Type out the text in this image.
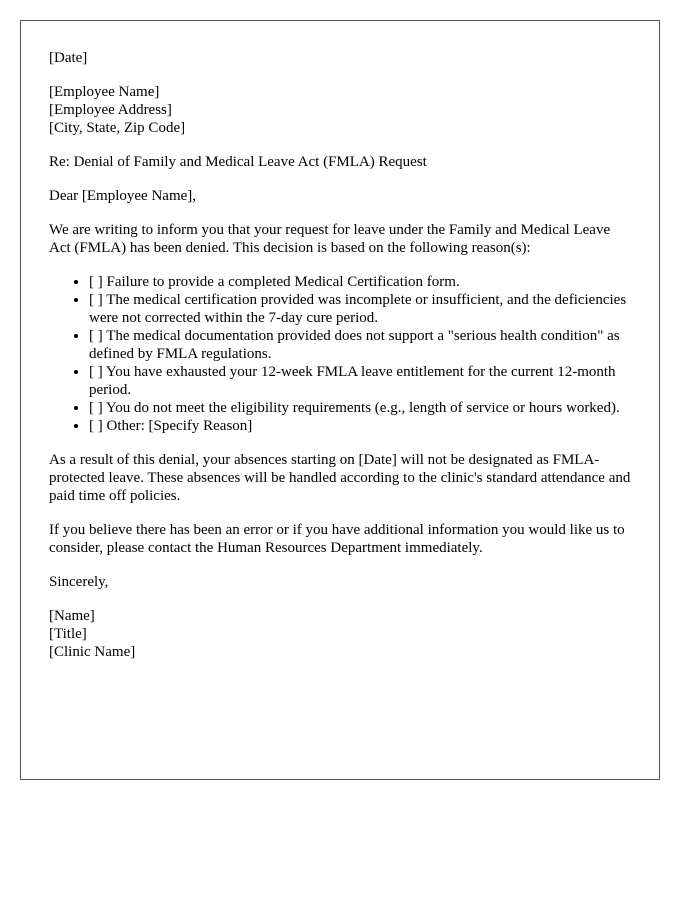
[Date]

[Employee Name]
[Employee Address]
[City, State, Zip Code]

Re: Denial of Family and Medical Leave Act (FMLA) Request

Dear [Employee Name],

We are writing to inform you that your request for leave under the Family and Medical Leave Act (FMLA) has been denied. This decision is based on the following reason(s):

• [ ] Failure to provide a completed Medical Certification form.
• [ ] The medical certification provided was incomplete or insufficient, and the deficiencies were not corrected within the 7-day cure period.
• [ ] The medical documentation provided does not support a "serious health condition" as defined by FMLA regulations.
• [ ] You have exhausted your 12-week FMLA leave entitlement for the current 12-month period.
• [ ] You do not meet the eligibility requirements (e.g., length of service or hours worked).
• [ ] Other: [Specify Reason]

As a result of this denial, your absences starting on [Date] will not be designated as FMLA-protected leave. These absences will be handled according to the clinic's standard attendance and paid time off policies.

If you believe there has been an error or if you have additional information you would like us to consider, please contact the Human Resources Department immediately.

Sincerely,

[Name]
[Title]
[Clinic Name]
